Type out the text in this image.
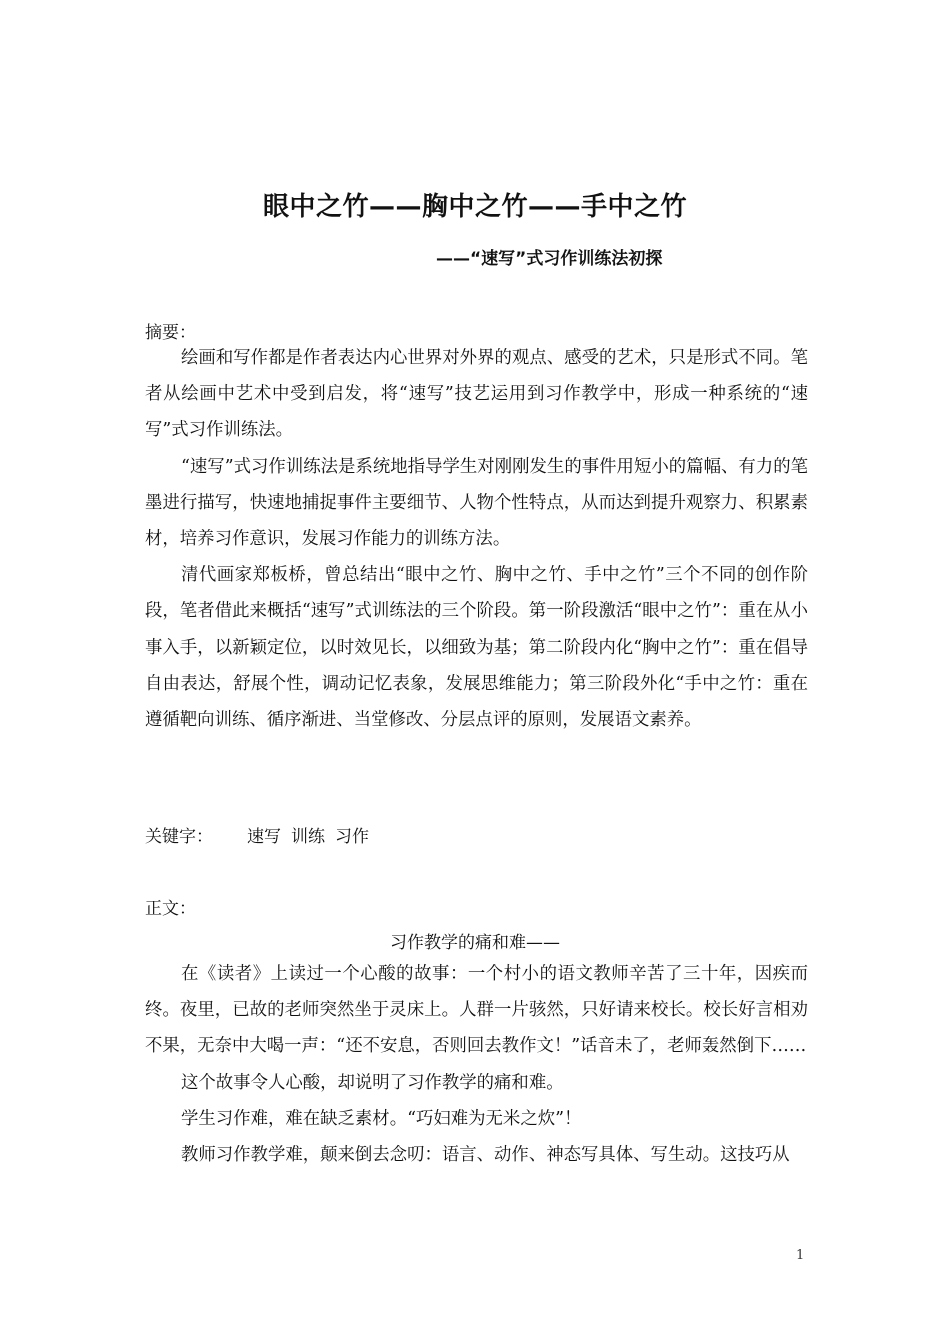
眼中之竹——胸中之竹——手中之竹
——“速写”式习作训练法初探
摘要：

绘画和写作都是作者表达内心世界对外界的观点、感受的艺术，只是形式不同。笔者从绘画中艺术中受到启发，将“速写”技艺运用到习作教学中，形成一种系统的“速写”式习作训练法。

“速写”式习作训练法是系统地指导学生对刚刚发生的事件用短小的篇幅、有力的笔墨进行描写，快速地捕捉事件主要细节、人物个性特点，从而达到提升观察力、积累素材，培养习作意识，发展习作能力的训练方法。

清代画家郑板桥，曾总结出“眼中之竹、胸中之竹、手中之竹”三个不同的创作阶段，笔者借此来概括“速写”式训练法的三个阶段。第一阶段激活“眼中之竹”：重在从小事入手，以新颖定位，以时效见长，以细致为基；第二阶段内化“胸中之竹”：重在倡导自由表达，舒展个性，调动记忆表象，发展思维能力；第三阶段外化“手中之竹：重在遵循靶向训练、循序渐进、当堂修改、分层点评的原则，发展语文素养。

关键字： 速写 训练 习作
正文：
习作教学的痛和难——

在《读者》上读过一个心酸的故事：一个村小的语文教师辛苦了三十年，因疾而终。夜里，已故的老师突然坐于灵床上。人群一片骇然，只好请来校长。校长好言相劝不果，无奈中大喝一声：“还不安息，否则回去教作文！”话音未了，老师轰然倒下……

这个故事令人心酸，却说明了习作教学的痛和难。

学生习作难，难在缺乏素材。“巧妇难为无米之炊”！

教师习作教学难，颠来倒去念叨：语言、动作、神态写具体、写生动。这技巧从

1
